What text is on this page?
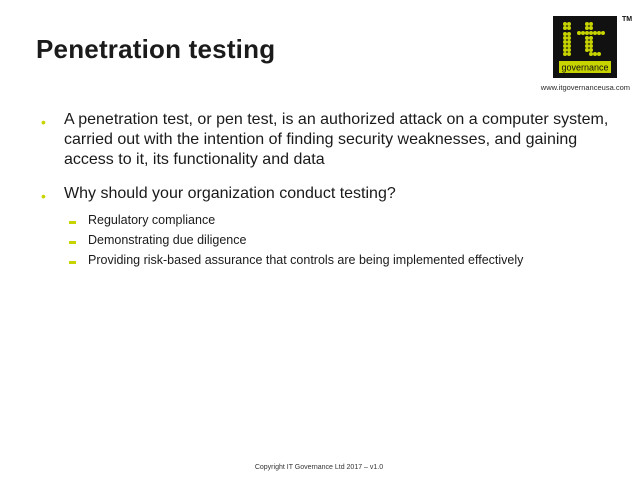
Penetration testing
governance
TM
www.itgovernanceusa.com
• A penetration test, or pen test, is an authorized attack on a computer system, carried out with the intention of finding security weaknesses, and gaining access to it, its functionality and data

• Why should your organization conduct testing?

Regulatory compliance
Demonstrating due diligence
Providing risk-based assurance that controls are being implemented effectively
Copyright IT Governance Ltd 2017 – v1.0
